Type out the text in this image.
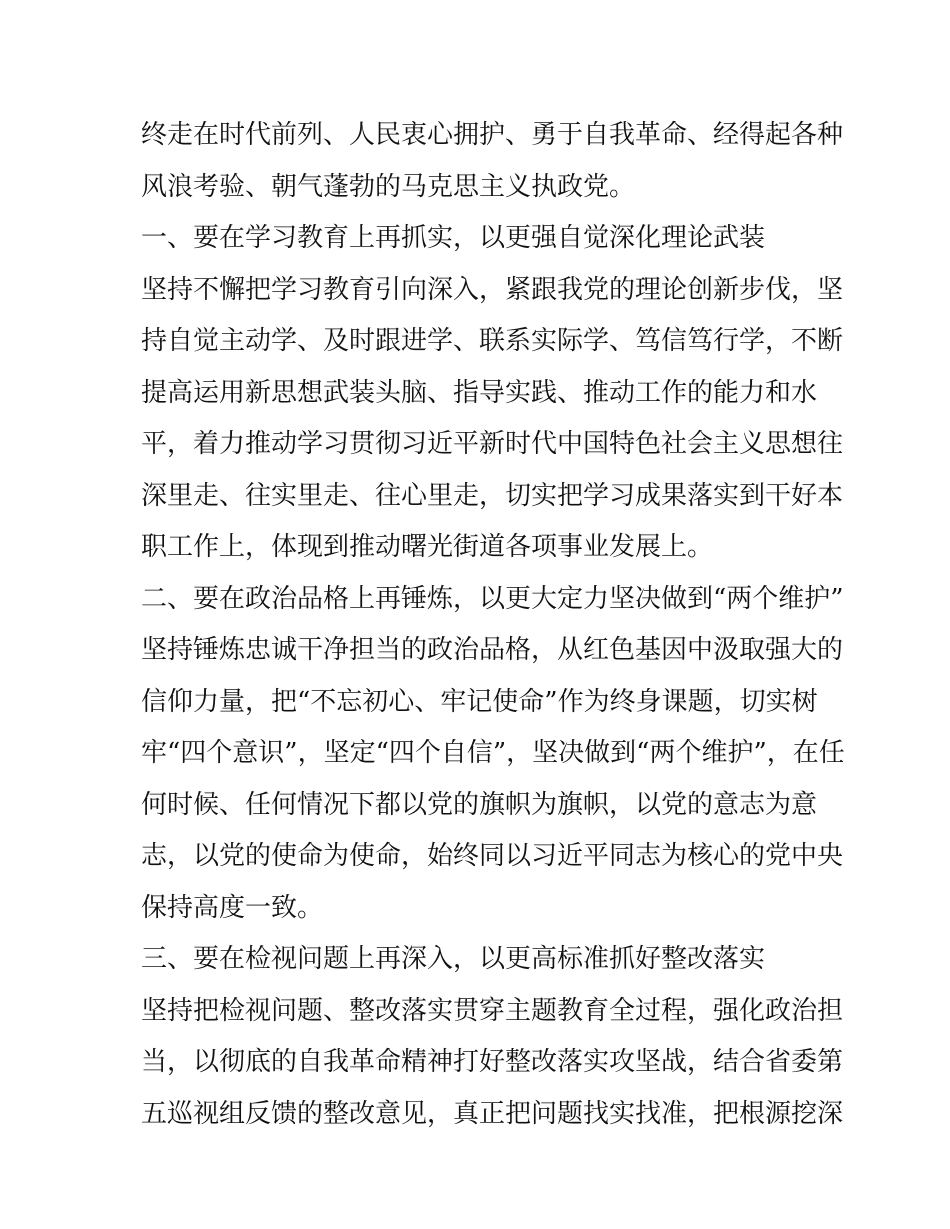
终走在时代前列、人民衷心拥护、勇于自我革命、经得起各种
风浪考验、朝气蓬勃的马克思主义执政党。
一、要在学习教育上再抓实，以更强自觉深化理论武装
坚持不懈把学习教育引向深入，紧跟我党的理论创新步伐，坚
持自觉主动学、及时跟进学、联系实际学、笃信笃行学，不断
提高运用新思想武装头脑、指导实践、推动工作的能力和水
平，着力推动学习贯彻习近平新时代中国特色社会主义思想往
深里走、往实里走、往心里走，切实把学习成果落实到干好本
职工作上，体现到推动曙光街道各项事业发展上。
二、要在政治品格上再锤炼，以更大定力坚决做到“两个维护”
坚持锤炼忠诚干净担当的政治品格，从红色基因中汲取强大的
信仰力量，把“不忘初心、牢记使命”作为终身课题，切实树
牢“四个意识”，坚定“四个自信”，坚决做到“两个维护”，在任
何时候、任何情况下都以党的旗帜为旗帜，以党的意志为意
志，以党的使命为使命，始终同以习近平同志为核心的党中央
保持高度一致。
三、要在检视问题上再深入，以更高标准抓好整改落实
坚持把检视问题、整改落实贯穿主题教育全过程，强化政治担
当，以彻底的自我革命精神打好整改落实攻坚战，结合省委第
五巡视组反馈的整改意见，真正把问题找实找准，把根源挖深
